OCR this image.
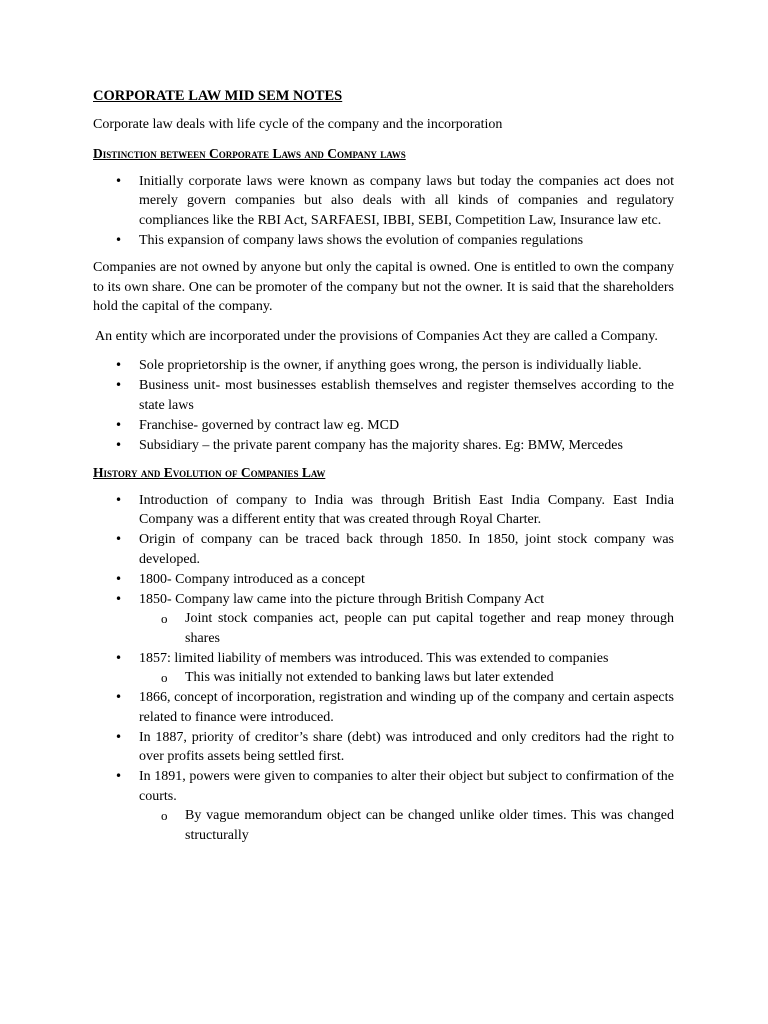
CORPORATE LAW MID SEM NOTES

Corporate law deals with life cycle of the company and the incorporation

Distinction between Corporate Laws and Company laws
• Initially corporate laws were known as company laws but today the companies act does not merely govern companies but also deals with all kinds of companies and regulatory compliances like the RBI Act, SARFAESI, IBBI, SEBI, Competition Law, Insurance law etc.
• This expansion of company laws shows the evolution of companies regulations

Companies are not owned by anyone but only the capital is owned. One is entitled to own the company to its own share. One can be promoter of the company but not the owner. It is said that the shareholders hold the capital of the company.

An entity which are incorporated under the provisions of Companies Act they are called a Company.

• Sole proprietorship is the owner, if anything goes wrong, the person is individually liable.
• Business unit- most businesses establish themselves and register themselves according to the state laws
• Franchise- governed by contract law eg. MCD
• Subsidiary – the private parent company has the majority shares. Eg: BMW, Mercedes
History and Evolution of Companies Law
• Introduction of company to India was through British East India Company. East India Company was a different entity that was created through Royal Charter.
• Origin of company can be traced back through 1850. In 1850, joint stock company was developed.
• 1800- Company introduced as a concept
• 1850- Company law came into the picture through British Company Act
o Joint stock companies act, people can put capital together and reap money through shares
• 1857: limited liability of members was introduced. This was extended to companies
o This was initially not extended to banking laws but later extended
• 1866, concept of incorporation, registration and winding up of the company and certain aspects related to finance were introduced.
• In 1887, priority of creditor’s share (debt) was introduced and only creditors had the right to over profits assets being settled first.
• In 1891, powers were given to companies to alter their object but subject to confirmation of the courts.
o By vague memorandum object can be changed unlike older times. This was changed structurally
